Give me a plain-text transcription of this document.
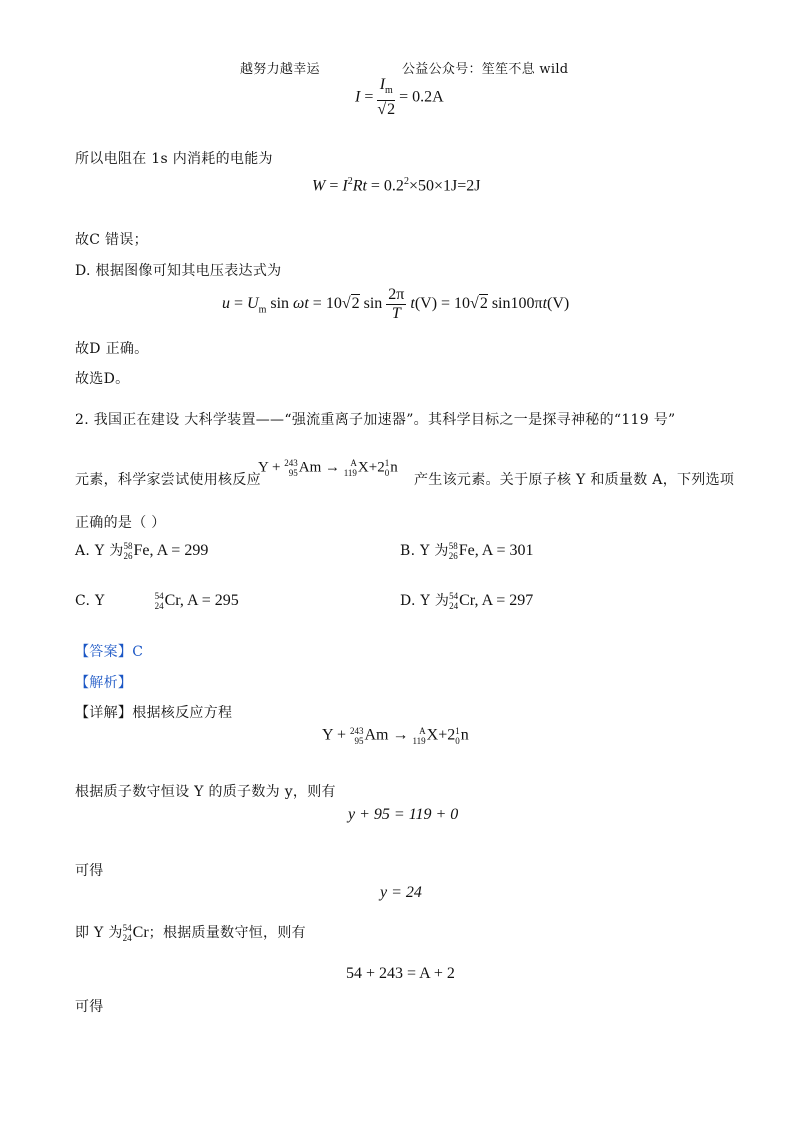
越努力越幸运	公益公众号：笙笙不息 wild
$I = \frac{I_m}{√2} = 0.2A$
所以电阻在 1s 内消耗的电能为
$W = I^2Rt = 0.2^2\times 50\times 1J=2J$
故C 错误；
D. 根据图像可知其电压表达式为
$u = U_m$ sin ωt = 10√2 $\sin \frac{2\pi}{T} t(V) = 10√2$ sin100πt(V)
故D 正确。
故选D。
2. 我国正在建设 大科学装置——“强流重离子加速器”。其科学目标之一是探寻神秘的“119 号”
元素，科学家尝试使用核反应
Y + 243
95 Am → A
119 X+2 1
0 n
产生该元素。关于原子核 Y 和质量数 A，下列选项
正确的是（ ）
A. Y 为 58
26 Fe, A = 299	B. Y 为 58
26 Fe, A = 301
C. Y	54
24 Cr, A = 295	D. Y 为 54
24 Cr, A = 297
【答案】C
【解析】
【详解】根据核反应方程
Y + 243
95 Am → A
119 X+2 1
0 n
根据质子数守恒设 Y 的质子数为 y，则有
y + 95 = 119 + 0
可得
y = 24
即 Y 为 54
24 Cr；根据质量数守恒，则有
54 + 243 = A + 2
可得
